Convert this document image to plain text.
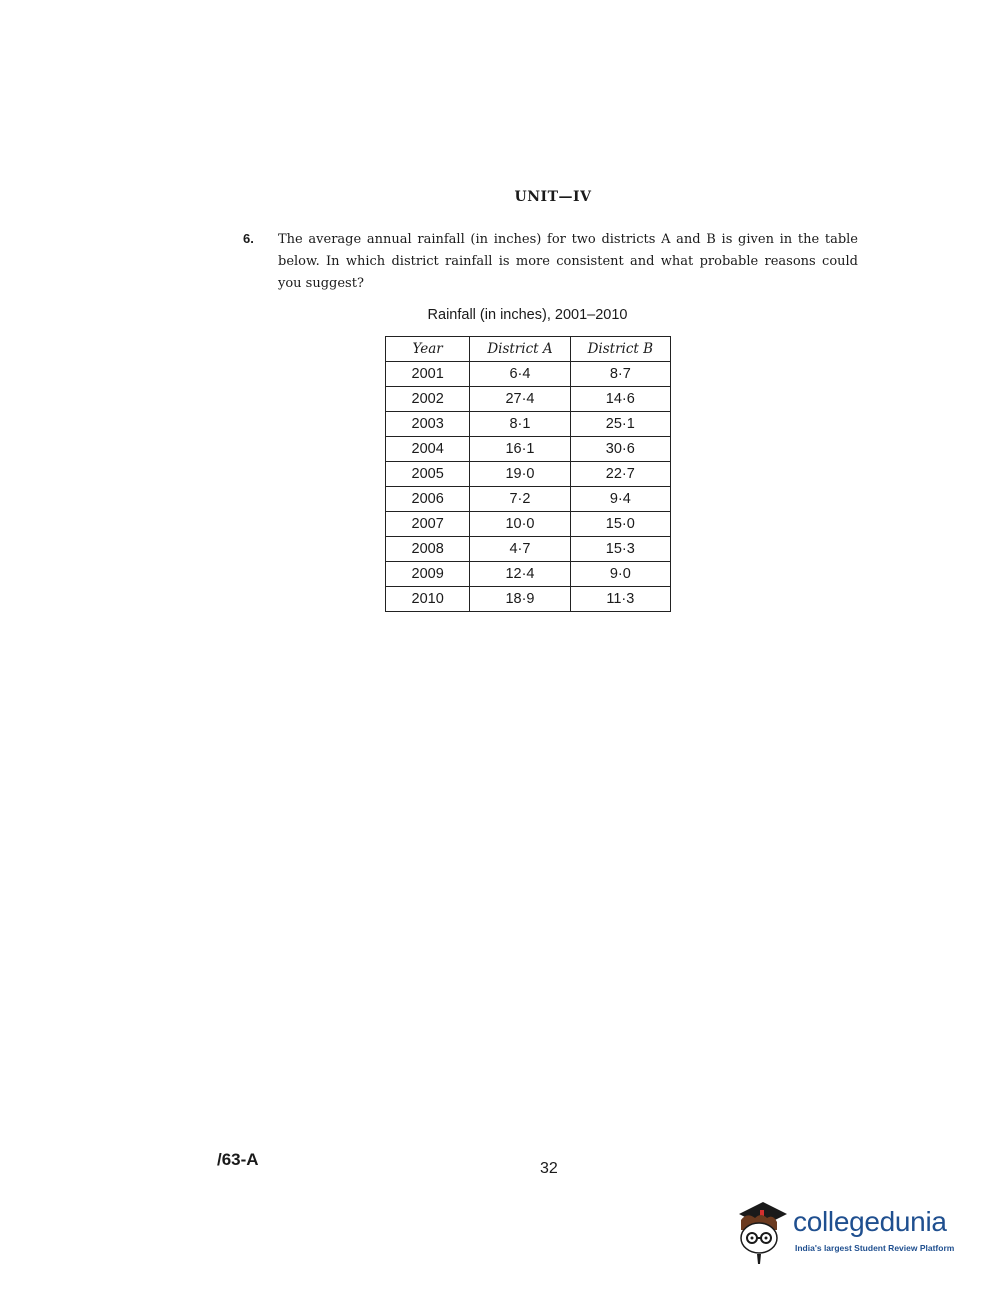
UNIT—IV
6. The average annual rainfall (in inches) for two districts A and B is given in the table below. In which district rainfall is more consistent and what probable reasons could you suggest?
Rainfall (in inches), 2001–2010
Year	District A	District B
2001	6·4	8·7
2002	27·4	14·6
2003	8·1	25·1
2004	16·1	30·6
2005	19·0	22·7
2006	7·2	9·4
2007	10·0	15·0
2008	4·7	15·3
2009	12·4	9·0
2010	18·9	11·3
/63-A	32
collegedunia
India's largest Student Review Platform
